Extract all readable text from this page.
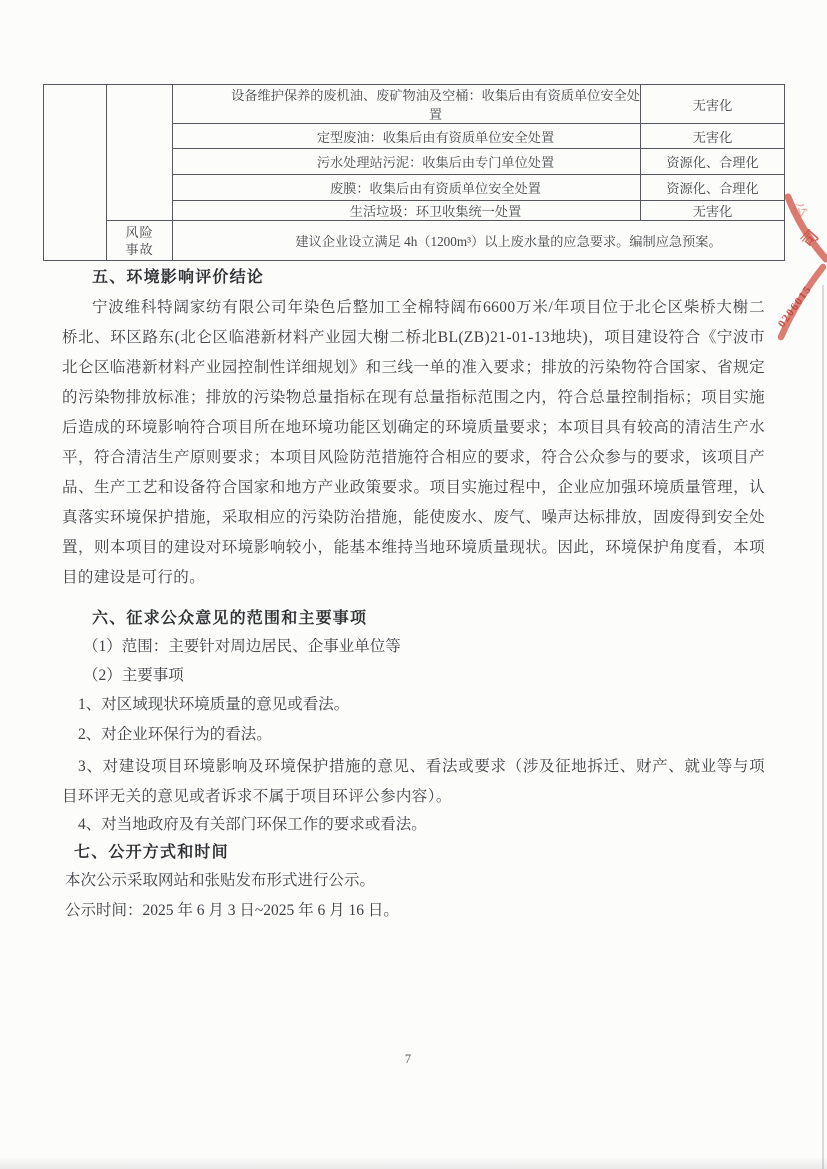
		设备维护保养的废机油、废矿物油及空桶：收集后由有资质单位安全处置	无害化
		定型废油：收集后由有资质单位安全处置	无害化
		污水处理站污泥：收集后由专门单位处置	资源化、合理化
		废膜：收集后由有资质单位安全处置	资源化、合理化
		生活垃圾：环卫收集统一处置	无害化

	风险事故	建议企业设立满足 4h（1200m³）以上废水量的应急要求。编制应急预案。	
五、环境影响评价结论

宁波维科特阔家纺有限公司年染色后整加工全棉特阔布6600万米/年项目位于北仑区柴桥大榭二桥北、环区路东(北仑区临港新材料产业园大榭二桥北BL(ZB)21-01-13地块)，项目建设符合《宁波市北仑区临港新材料产业园控制性详细规划》和三线一单的准入要求；排放的污染物符合国家、省规定的污染物排放标准；排放的污染物总量指标在现有总量指标范围之内，符合总量控制指标；项目实施后造成的环境影响符合项目所在地环境功能区划确定的环境质量要求；本项目具有较高的清洁生产水平，符合清洁生产原则要求；本项目风险防范措施符合相应的要求，符合公众参与的要求，该项目产品、生产工艺和设备符合国家和地方产业政策要求。项目实施过程中，企业应加强环境质量管理，认真落实环境保护措施，采取相应的污染防治措施，能使废水、废气、噪声达标排放，固废得到安全处置，则本项目的建设对环境影响较小，能基本维持当地环境质量现状。因此，环境保护角度看，本项目的建设是可行的。

六、征求公众意见的范围和主要事项

（1）范围：主要针对周边居民、企事业单位等

（2）主要事项

1、对区域现状环境质量的意见或看法。

2、对企业环保行为的看法。

3、对建设项目环境影响及环境保护措施的意见、看法或要求（涉及征地拆迁、财产、就业等与项目环评无关的意见或者诉求不属于项目环评公参内容）。

4、对当地政府及有关部门环保工作的要求或看法。

七、公开方式和时间

本次公示采取网站和张贴发布形式进行公示。

公示时间：2025 年 6 月 3 日~2025 年 6 月 16 日。

公
司
0206015
7
